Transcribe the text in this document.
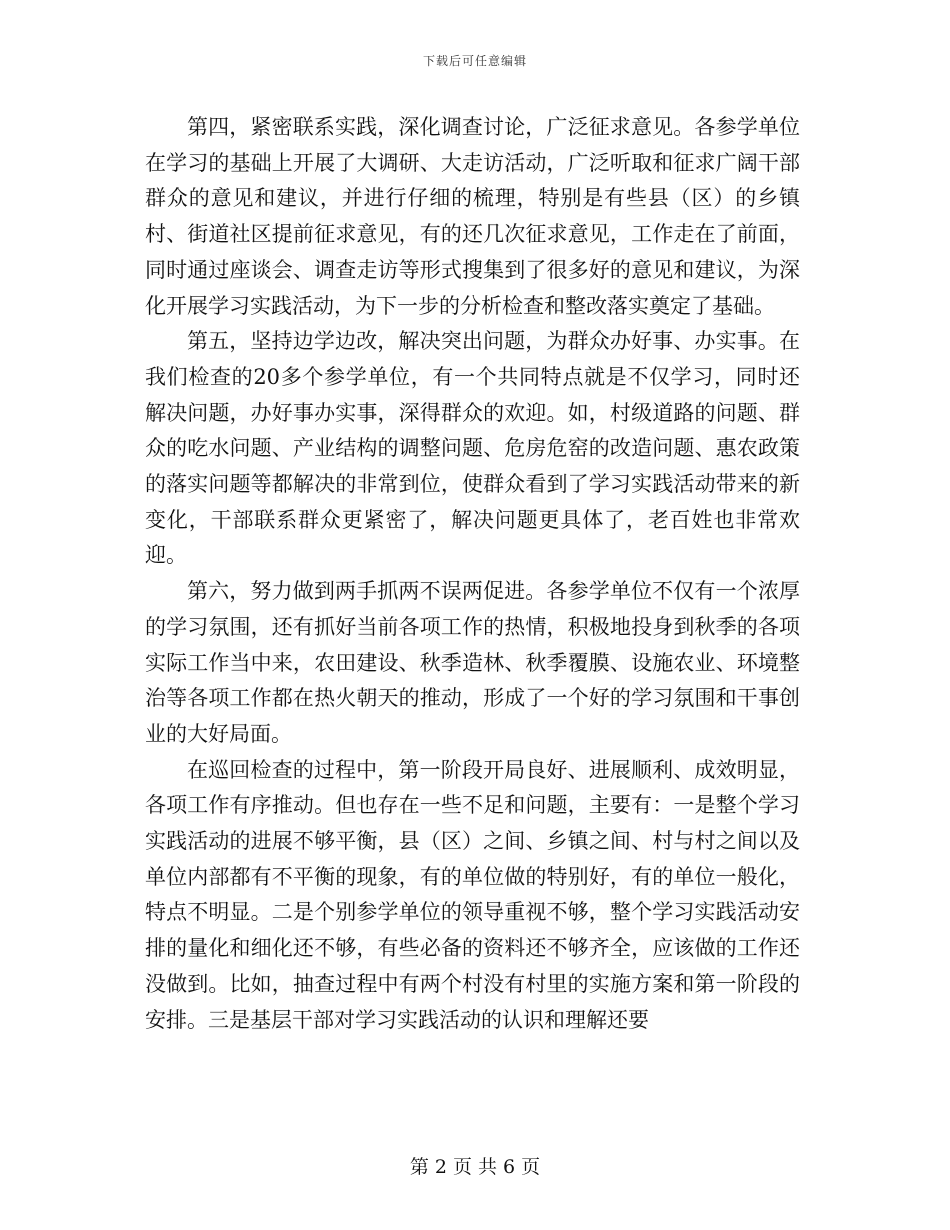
下载后可任意编辑

第四，紧密联系实践，深化调查讨论，广泛征求意见。各参学单位在学习的基础上开展了大调研、大走访活动，广泛听取和征求广阔干部群众的意见和建议，并进行仔细的梳理，特别是有些县（区）的乡镇村、街道社区提前征求意见，有的还几次征求意见，工作走在了前面，同时通过座谈会、调查走访等形式搜集到了很多好的意见和建议，为深化开展学习实践活动，为下一步的分析检查和整改落实奠定了基础。

第五，坚持边学边改，解决突出问题，为群众办好事、办实事。在我们检查的20多个参学单位，有一个共同特点就是不仅学习，同时还解决问题，办好事办实事，深得群众的欢迎。如，村级道路的问题、群众的吃水问题、产业结构的调整问题、危房危窑的改造问题、惠农政策的落实问题等都解决的非常到位，使群众看到了学习实践活动带来的新变化，干部联系群众更紧密了，解决问题更具体了，老百姓也非常欢迎。

第六，努力做到两手抓两不误两促进。各参学单位不仅有一个浓厚的学习氛围，还有抓好当前各项工作的热情，积极地投身到秋季的各项实际工作当中来，农田建设、秋季造林、秋季覆膜、设施农业、环境整治等各项工作都在热火朝天的推动，形成了一个好的学习氛围和干事创业的大好局面。

在巡回检查的过程中，第一阶段开局良好、进展顺利、成效明显，各项工作有序推动。但也存在一些不足和问题，主要有：一是整个学习实践活动的进展不够平衡，县（区）之间、乡镇之间、村与村之间以及单位内部都有不平衡的现象，有的单位做的特别好，有的单位一般化，特点不明显。二是个别参学单位的领导重视不够，整个学习实践活动安排的量化和细化还不够，有些必备的资料还不够齐全，应该做的工作还没做到。比如，抽查过程中有两个村没有村里的实施方案和第一阶段的安排。三是基层干部对学习实践活动的认识和理解还要

第 2 页 共 6 页
